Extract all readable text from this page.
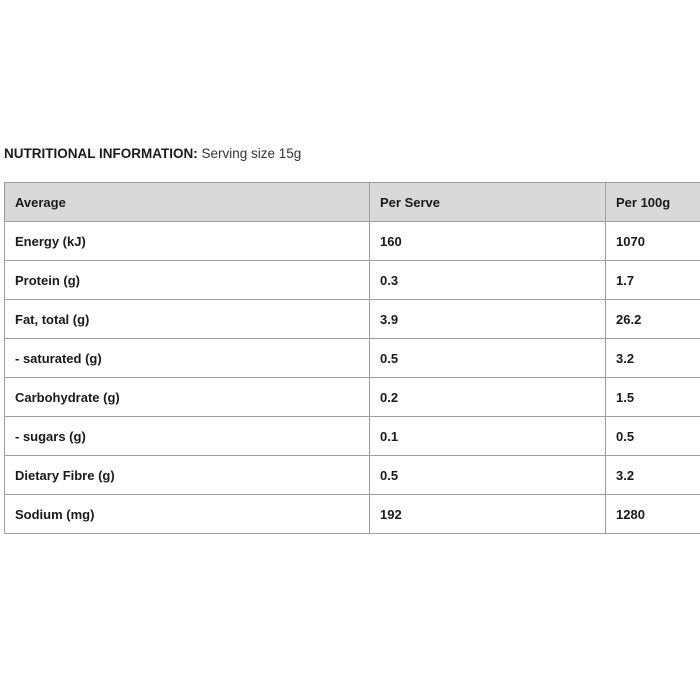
NUTRITIONAL INFORMATION: Serving size 15g
Average	Per Serve	Per 100g
Energy (kJ)	160	1070
Protein (g)	0.3	1.7
Fat, total (g)	3.9	26.2
- saturated (g)	0.5	3.2
Carbohydrate (g)	0.2	1.5
- sugars (g)	0.1	0.5
Dietary Fibre (g)	0.5	3.2
Sodium (mg)	192	1280
